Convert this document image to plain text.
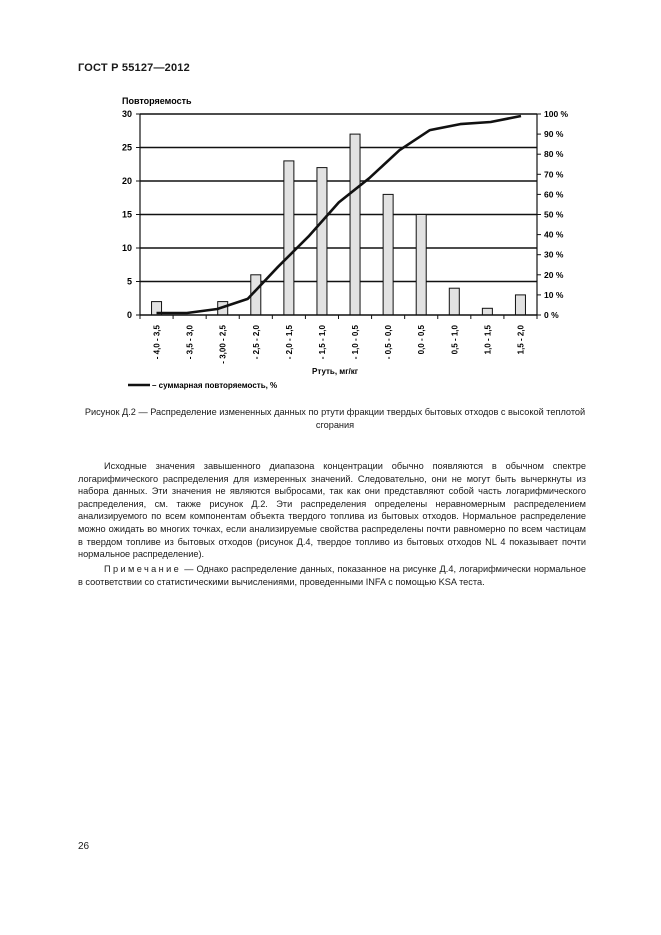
ГОСТ Р 55127—2012
0
5
10
15
20
25
30
0 %
10 %
20 %
30 %
40 %
50 %
60 %
70 %
80 %
90 %
100 %
- 4,0 - 3,5	- 3,5 - 3,0	- 3,00 - 2,5	- 2,5 - 2,0	- 2,0 - 1,5	- 1,5 - 1,0	- 1,0 - 0,5	- 0,5 - 0,0	0,0 - 0,5	0,5 - 1,0	1,0 - 1,5	1,5 - 2,0
Повторяемость
Ртуть, мг/кг
– суммарная повторяемость, %
Рисунок Д.2 — Распределение измененных данных по ртути фракции твердых бытовых отходов с высокой теплотой сгорания

Исходные значения завышенного диапазона концентрации обычно появляются в обычном спектре логарифмического распределения для измеренных значений. Следовательно, они не могут быть вычеркнуты из набора данных. Эти значения не являются выбросами, так как они представляют собой часть логарифмического распределения, см. также рисунок Д.2. Эти распределения определены неравномерным распределением анализируемого по всем компонентам объекта твердого топлива из бытовых отходов. Нормальное распределение можно ожидать во многих точках, если анализируемые свойства распределены почти равномерно по всем частицам в твердом топливе из бытовых отходов (рисунок Д.4, твердое топливо из бытовых отходов NL 4 показывает почти нормальное распределение).

Примечание — Однако распределение данных, показанное на рисунке Д.4, логарифмически нормальное в соответствии со статистическими вычислениями, проведенными INFA с помощью KSA теста.

26
